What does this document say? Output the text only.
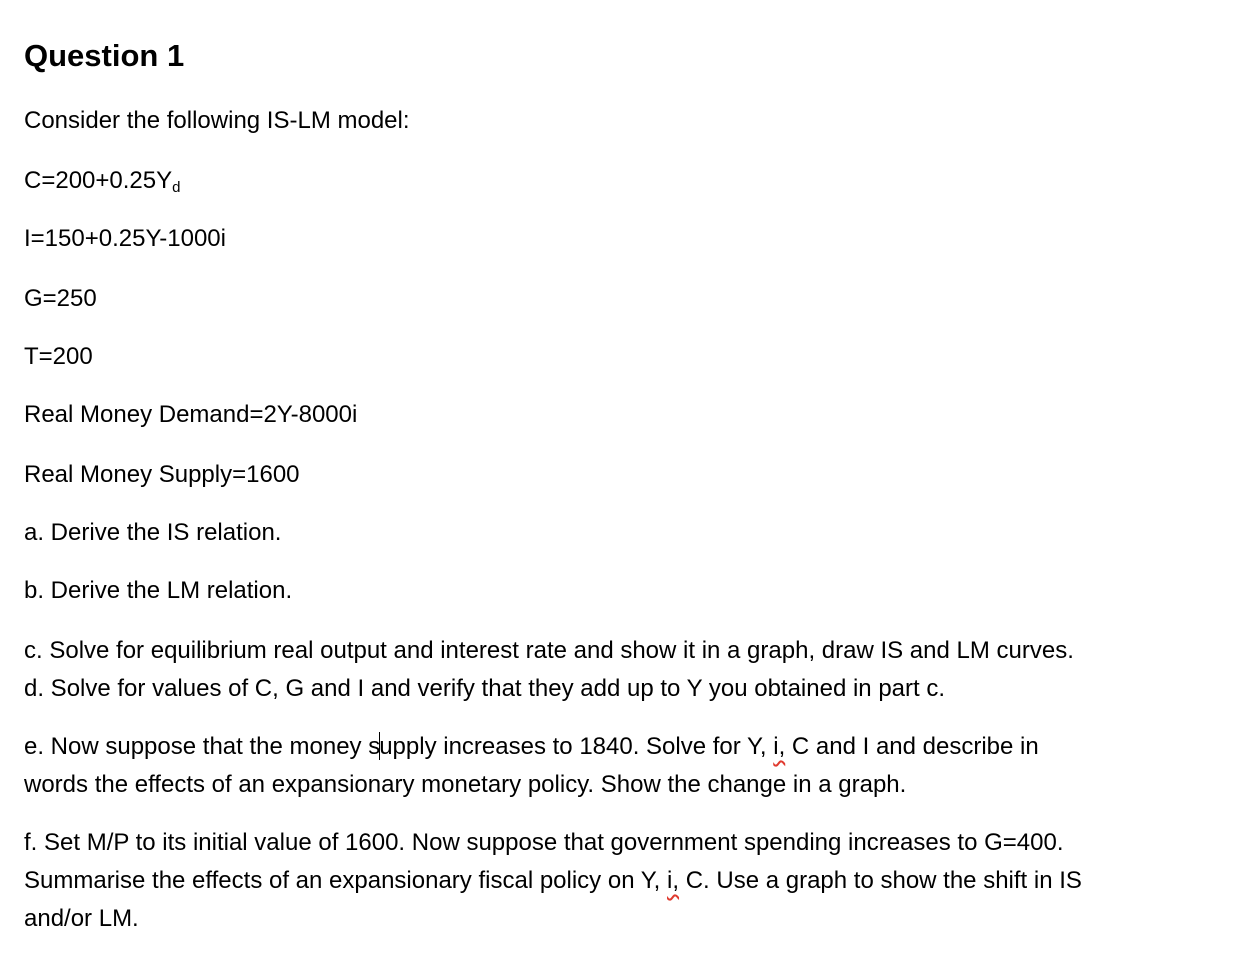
Question 1

Consider the following IS-LM model:

$C=200+0.25Y_d$

I=150+0.25Y-1000i

G=250

T=200

Real Money Demand=2Y-8000i

Real Money Supply=1600

a. Derive the IS relation.

b. Derive the LM relation.

c. Solve for equilibrium real output and interest rate and show it in a graph, draw IS and LM curves.

d. Solve for values of C, G and I and verify that they add up to Y you obtained in part c.

e. Now suppose that the money supply increases to 1840. Solve for Y, i, C and I and describe in

words the effects of an expansionary monetary policy. Show the change in a graph.

f. Set M/P to its initial value of 1600. Now suppose that government spending increases to G=400.

Summarise the effects of an expansionary fiscal policy on Y, i, C. Use a graph to show the shift in IS

and/or LM.
